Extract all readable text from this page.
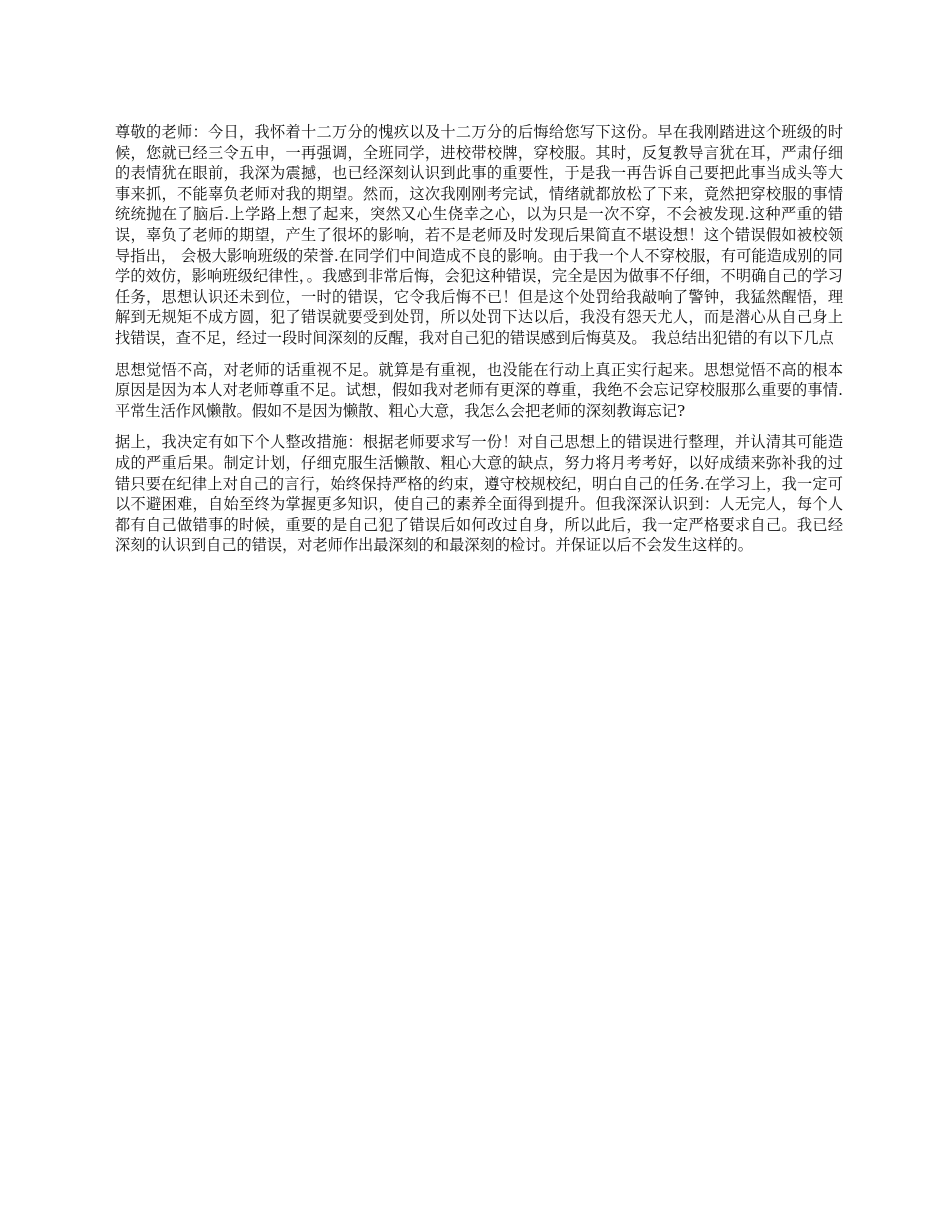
尊敬的老师：今日，我怀着十二万分的愧疚以及十二万分的后悔给您写下这份。早在我刚踏进这个班级的时候，您就已经三令五申，一再强调，全班同学，进校带校牌，穿校服。其时，反复教导言犹在耳，严肃仔细的表情犹在眼前，我深为震撼，也已经深刻认识到此事的重要性，于是我一再告诉自己要把此事当成头等大事来抓，不能辜负老师对我的期望。然而，这次我刚刚考完试，情绪就都放松了下来，竟然把穿校服的事情统统抛在了脑后.上学路上想了起来，突然又心生侥幸之心，以为只是一次不穿，不会被发现.这种严重的错误，辜负了老师的期望，产生了很坏的影响，若不是老师及时发现后果简直不堪设想！这个错误假如被校领导指出， 会极大影响班级的荣誉.在同学们中间造成不良的影响。由于我一个人不穿校服，有可能造成别的同学的效仿，影响班级纪律性，。我感到非常后悔，会犯这种错误，完全是因为做事不仔细，不明确自己的学习任务，思想认识还未到位，一时的错误，它令我后悔不已！但是这个处罚给我敲响了警钟，我猛然醒悟，理解到无规矩不成方圆，犯了错误就要受到处罚，所以处罚下达以后，我没有怨天尤人，而是潜心从自己身上找错误，查不足，经过一段时间深刻的反醒，我对自己犯的错误感到后悔莫及。 我总结出犯错的有以下几点

思想觉悟不高，对老师的话重视不足。就算是有重视，也没能在行动上真正实行起来。思想觉悟不高的根本原因是因为本人对老师尊重不足。试想，假如我对老师有更深的尊重，我绝不会忘记穿校服那么重要的事情.平常生活作风懒散。假如不是因为懒散、粗心大意，我怎么会把老师的深刻教诲忘记?

据上，我决定有如下个人整改措施：根据老师要求写一份！对自己思想上的错误进行整理，并认清其可能造成的严重后果。制定计划，仔细克服生活懒散、粗心大意的缺点，努力将月考考好，以好成绩来弥补我的过错只要在纪律上对自己的言行，始终保持严格的约束，遵守校规校纪，明白自己的任务.在学习上，我一定可以不避困难，自始至终为掌握更多知识，使自己的素养全面得到提升。但我深深认识到：人无完人，每个人都有自己做错事的时候，重要的是自己犯了错误后如何改过自身，所以此后，我一定严格要求自己。我已经深刻的认识到自己的错误，对老师作出最深刻的和最深刻的检讨。并保证以后不会发生这样的。
